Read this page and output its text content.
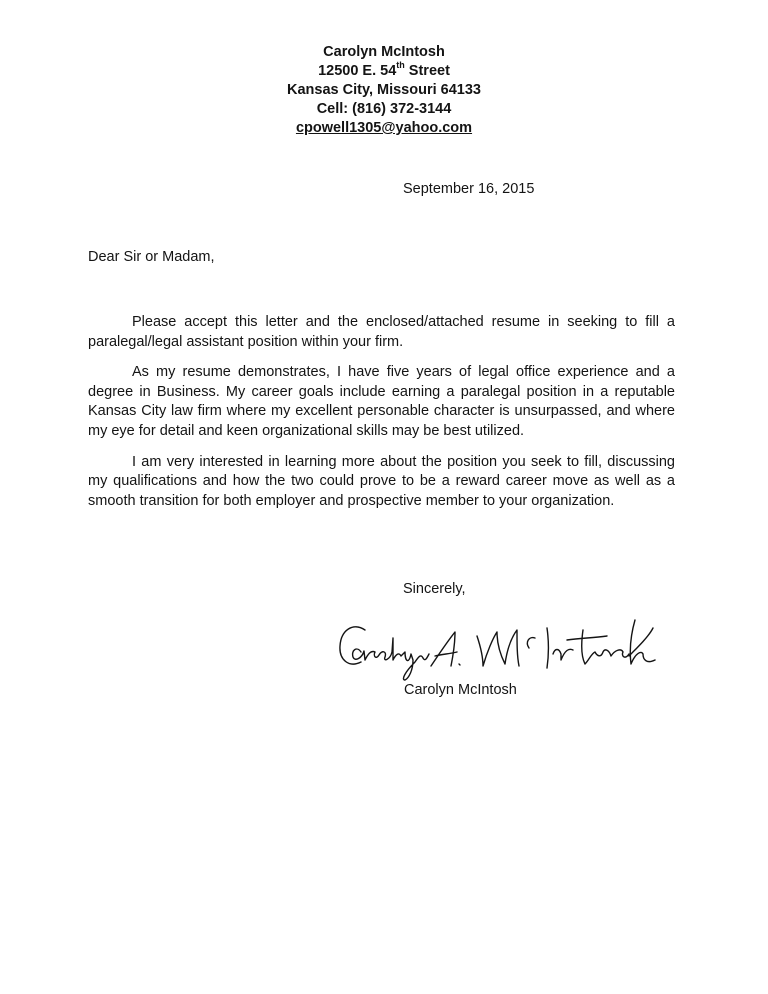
Carolyn McIntosh
12500 E. 54th Street
Kansas City, Missouri 64133
Cell: (816) 372-3144
cpowell1305@yahoo.com
September 16, 2015
Dear Sir or Madam,

Please accept this letter and the enclosed/attached resume in seeking to fill a paralegal/legal assistant position within your firm.

As my resume demonstrates, I have five years of legal office experience and a degree in Business. My career goals include earning a paralegal position in a reputable Kansas City law firm where my excellent personable character is unsurpassed, and where my eye for detail and keen organizational skills may be best utilized.

I am very interested in learning more about the position you seek to fill, discussing my qualifications and how the two could prove to be a reward career move as well as a smooth transition for both employer and prospective member to your organization.

Sincerely,
Carolyn McIntosh
